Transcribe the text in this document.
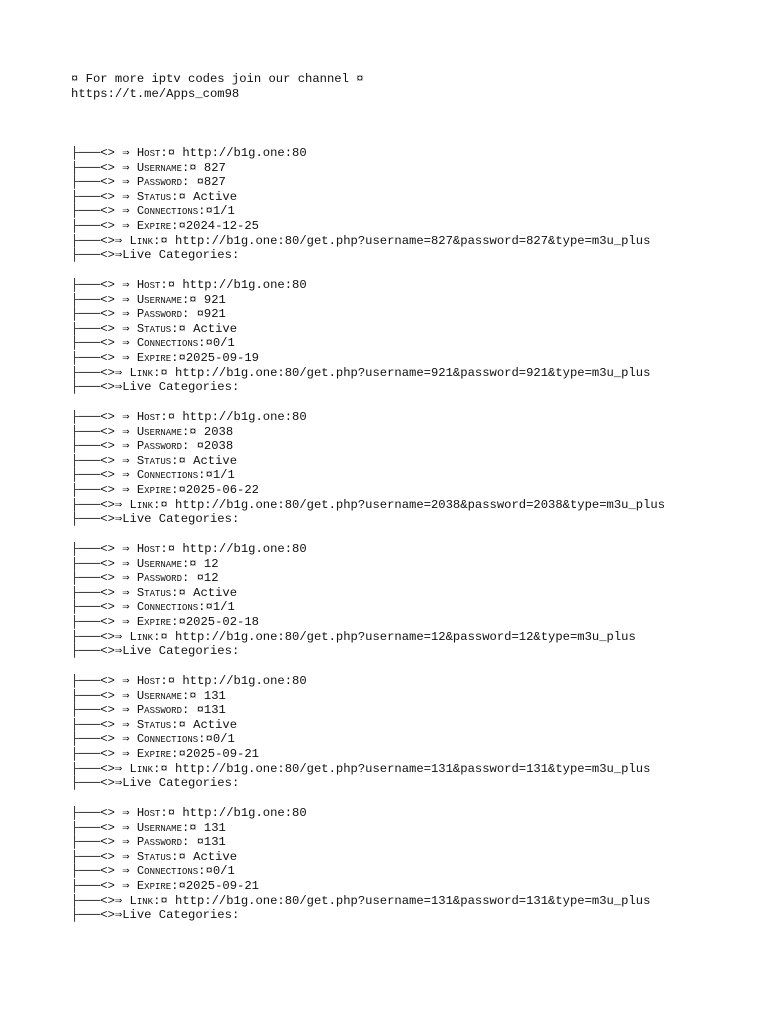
¤ For more iptv codes join our channel ¤
https://t.me/Apps_com98
├───<> ⇒ Host:¤ http://b1g.one:80
├───<> ⇒ Username:¤ 827
├───<> ⇒ Password: ¤827
├───<> ⇒ Status:¤ Active
├───<> ⇒ Connections:¤1/1
├───<> ⇒ Expire:¤2024-12-25
├───<>⇒ Link:¤ http://b1g.one:80/get.php?username=827&password=827&type=m3u_plus
├───<>⇒Live Categories:
├───<> ⇒ Host:¤ http://b1g.one:80
├───<> ⇒ Username:¤ 921
├───<> ⇒ Password: ¤921
├───<> ⇒ Status:¤ Active
├───<> ⇒ Connections:¤0/1
├───<> ⇒ Expire:¤2025-09-19
├───<>⇒ Link:¤ http://b1g.one:80/get.php?username=921&password=921&type=m3u_plus
├───<>⇒Live Categories:
├───<> ⇒ Host:¤ http://b1g.one:80
├───<> ⇒ Username:¤ 2038
├───<> ⇒ Password: ¤2038
├───<> ⇒ Status:¤ Active
├───<> ⇒ Connections:¤1/1
├───<> ⇒ Expire:¤2025-06-22
├───<>⇒ Link:¤ http://b1g.one:80/get.php?username=2038&password=2038&type=m3u_plus
├───<>⇒Live Categories:
├───<> ⇒ Host:¤ http://b1g.one:80
├───<> ⇒ Username:¤ 12
├───<> ⇒ Password: ¤12
├───<> ⇒ Status:¤ Active
├───<> ⇒ Connections:¤1/1
├───<> ⇒ Expire:¤2025-02-18
├───<>⇒ Link:¤ http://b1g.one:80/get.php?username=12&password=12&type=m3u_plus
├───<>⇒Live Categories:
├───<> ⇒ Host:¤ http://b1g.one:80
├───<> ⇒ Username:¤ 131
├───<> ⇒ Password: ¤131
├───<> ⇒ Status:¤ Active
├───<> ⇒ Connections:¤0/1
├───<> ⇒ Expire:¤2025-09-21
├───<>⇒ Link:¤ http://b1g.one:80/get.php?username=131&password=131&type=m3u_plus
├───<>⇒Live Categories:
├───<> ⇒ Host:¤ http://b1g.one:80
├───<> ⇒ Username:¤ 131
├───<> ⇒ Password: ¤131
├───<> ⇒ Status:¤ Active
├───<> ⇒ Connections:¤0/1
├───<> ⇒ Expire:¤2025-09-21
├───<>⇒ Link:¤ http://b1g.one:80/get.php?username=131&password=131&type=m3u_plus
├───<>⇒Live Categories:
